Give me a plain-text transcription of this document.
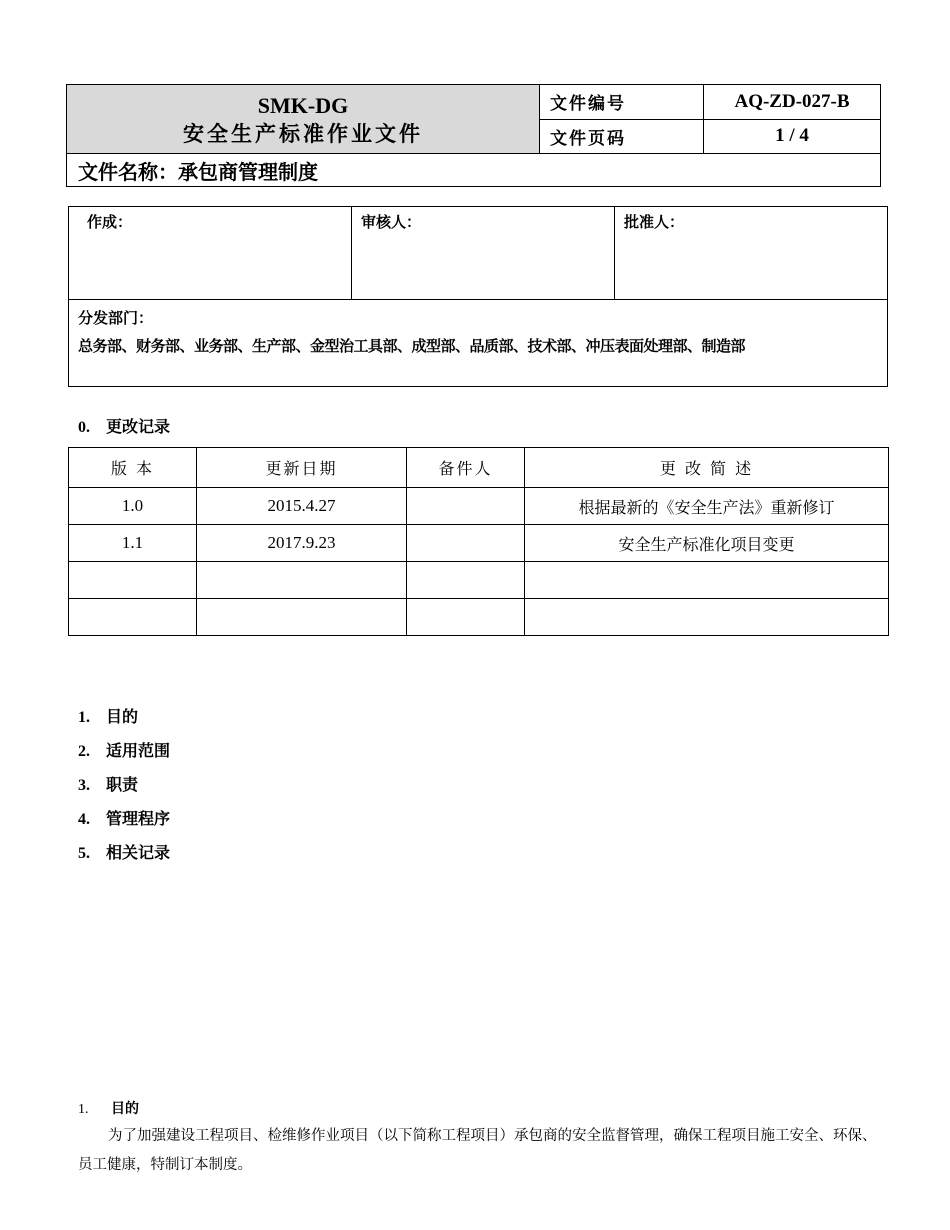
SMK-DG
安全生产标准作业文件	文件编号	AQ-ZD-027-B
	文件页码	1 / 4
文件名称：承包商管理制度		
作成：	审核人：	批准人：

分发部门：
总务部、财务部、业务部、生产部、金型治工具部、成型部、品质部、技术部、冲压表面处理部、制造部
0. 更改记录
版 本	更新日期	备件人	更 改 简 述
1.0	2015.4.27		根据最新的《安全生产法》重新修订
1.1	2017.9.23		安全生产标准化项目变更

1. 目的
2. 适用范围
3. 职责
4. 管理程序
5. 相关记录
1. 目的
为了加强建设工程项目、检维修作业项目（以下简称工程项目）承包商的安全监督管理，确保工程项目施工安全、环保、员工健康，特制订本制度。
